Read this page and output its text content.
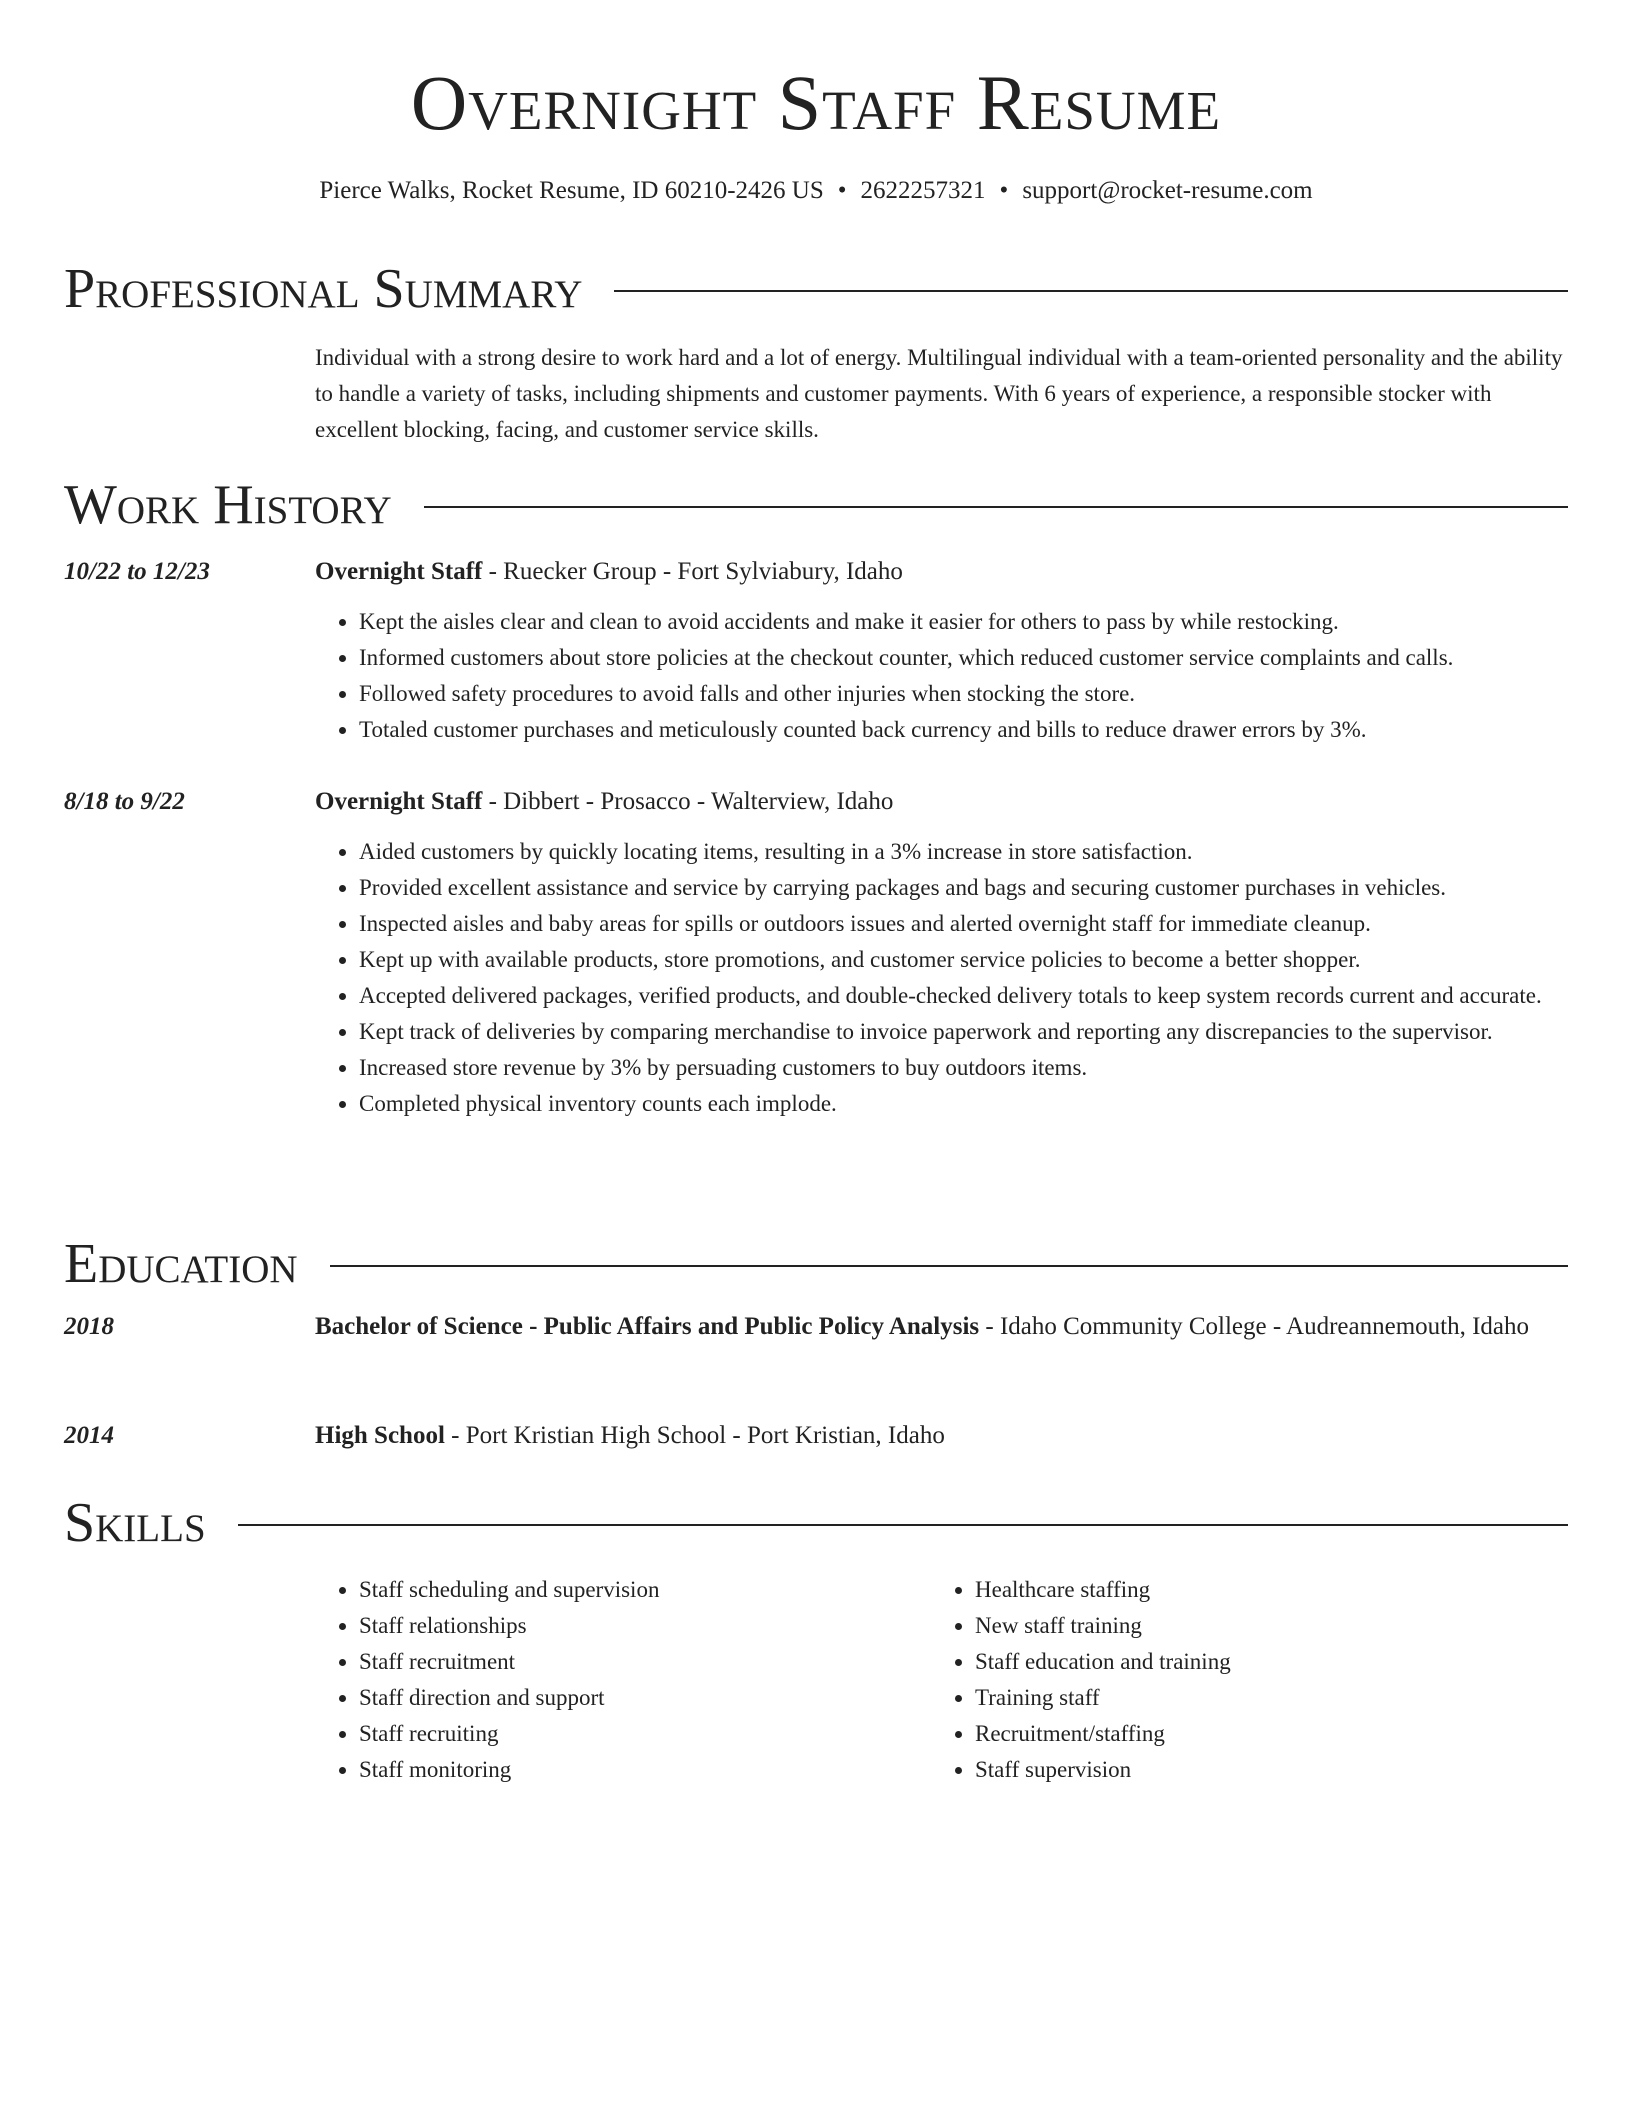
Overnight Staff Resume
Pierce Walks, Rocket Resume, ID 60210-2426 US • 2622257321 • support@rocket-resume.com
Professional Summary

Individual with a strong desire to work hard and a lot of energy. Multilingual individual with a team-oriented personality and the ability to handle a variety of tasks, including shipments and customer payments. With 6 years of experience, a responsible stocker with excellent blocking, facing, and customer service skills.

Work History
10/22 to 12/23	Overnight Staff - Ruecker Group - Fort Sylviabury, Idaho
• Kept the aisles clear and clean to avoid accidents and make it easier for others to pass by while restocking.
• Informed customers about store policies at the checkout counter, which reduced customer service complaints and calls.
• Followed safety procedures to avoid falls and other injuries when stocking the store.
• Totaled customer purchases and meticulously counted back currency and bills to reduce drawer errors by 3%.
8/18 to 9/22	Overnight Staff - Dibbert - Prosacco - Walterview, Idaho
• Aided customers by quickly locating items, resulting in a 3% increase in store satisfaction.
• Provided excellent assistance and service by carrying packages and bags and securing customer purchases in vehicles.
• Inspected aisles and baby areas for spills or outdoors issues and alerted overnight staff for immediate cleanup.
• Kept up with available products, store promotions, and customer service policies to become a better shopper.
• Accepted delivered packages, verified products, and double-checked delivery totals to keep system records current and accurate.
• Kept track of deliveries by comparing merchandise to invoice paperwork and reporting any discrepancies to the supervisor.
• Increased store revenue by 3% by persuading customers to buy outdoors items.
• Completed physical inventory counts each implode.
Education
2018	Bachelor of Science - Public Affairs and Public Policy Analysis - Idaho Community College - Audreannemouth, Idaho
2014	High School - Port Kristian High School - Port Kristian, Idaho
Skills
• Staff scheduling and supervision
• Staff relationships
• Staff recruitment
• Staff direction and support
• Staff recruiting
• Staff monitoring
• Healthcare staffing
• New staff training
• Staff education and training
• Training staff
• Recruitment/staffing
• Staff supervision
